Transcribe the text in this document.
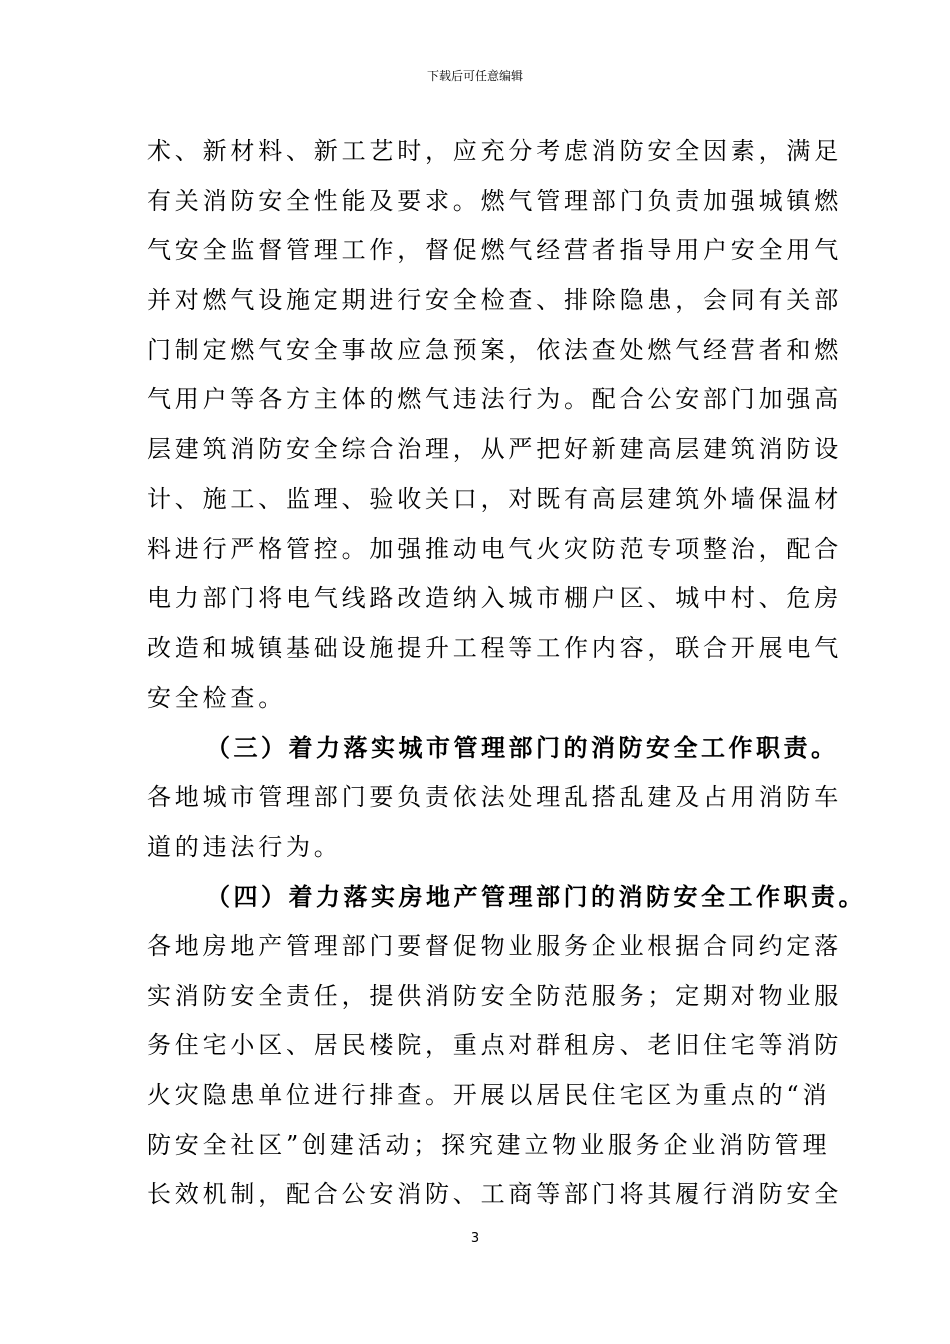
下载后可任意编辑
术、新材料、新工艺时，应充分考虑消防安全因素，满足
有关消防安全性能及要求。燃气管理部门负责加强城镇燃
气安全监督管理工作，督促燃气经营者指导用户安全用气
并对燃气设施定期进行安全检查、排除隐患，会同有关部
门制定燃气安全事故应急预案，依法查处燃气经营者和燃
气用户等各方主体的燃气违法行为。配合公安部门加强高
层建筑消防安全综合治理，从严把好新建高层建筑消防设
计、施工、监理、验收关口，对既有高层建筑外墙保温材
料进行严格管控。加强推动电气火灾防范专项整治，配合
电力部门将电气线路改造纳入城市棚户区、城中村、危房
改造和城镇基础设施提升工程等工作内容，联合开展电气
安全检查。
（三）着力落实城市管理部门的消防安全工作职责。
各地城市管理部门要负责依法处理乱搭乱建及占用消防车
道的违法行为。
（四）着力落实房地产管理部门的消防安全工作职责。
各地房地产管理部门要督促物业服务企业根据合同约定落
实消防安全责任，提供消防安全防范服务；定期对物业服
务住宅小区、居民楼院，重点对群租房、老旧住宅等消防
火灾隐患单位进行排查。开展以居民住宅区为重点的“消
防安全社区”创建活动；探究建立物业服务企业消防管理
长效机制，配合公安消防、工商等部门将其履行消防安全
3
